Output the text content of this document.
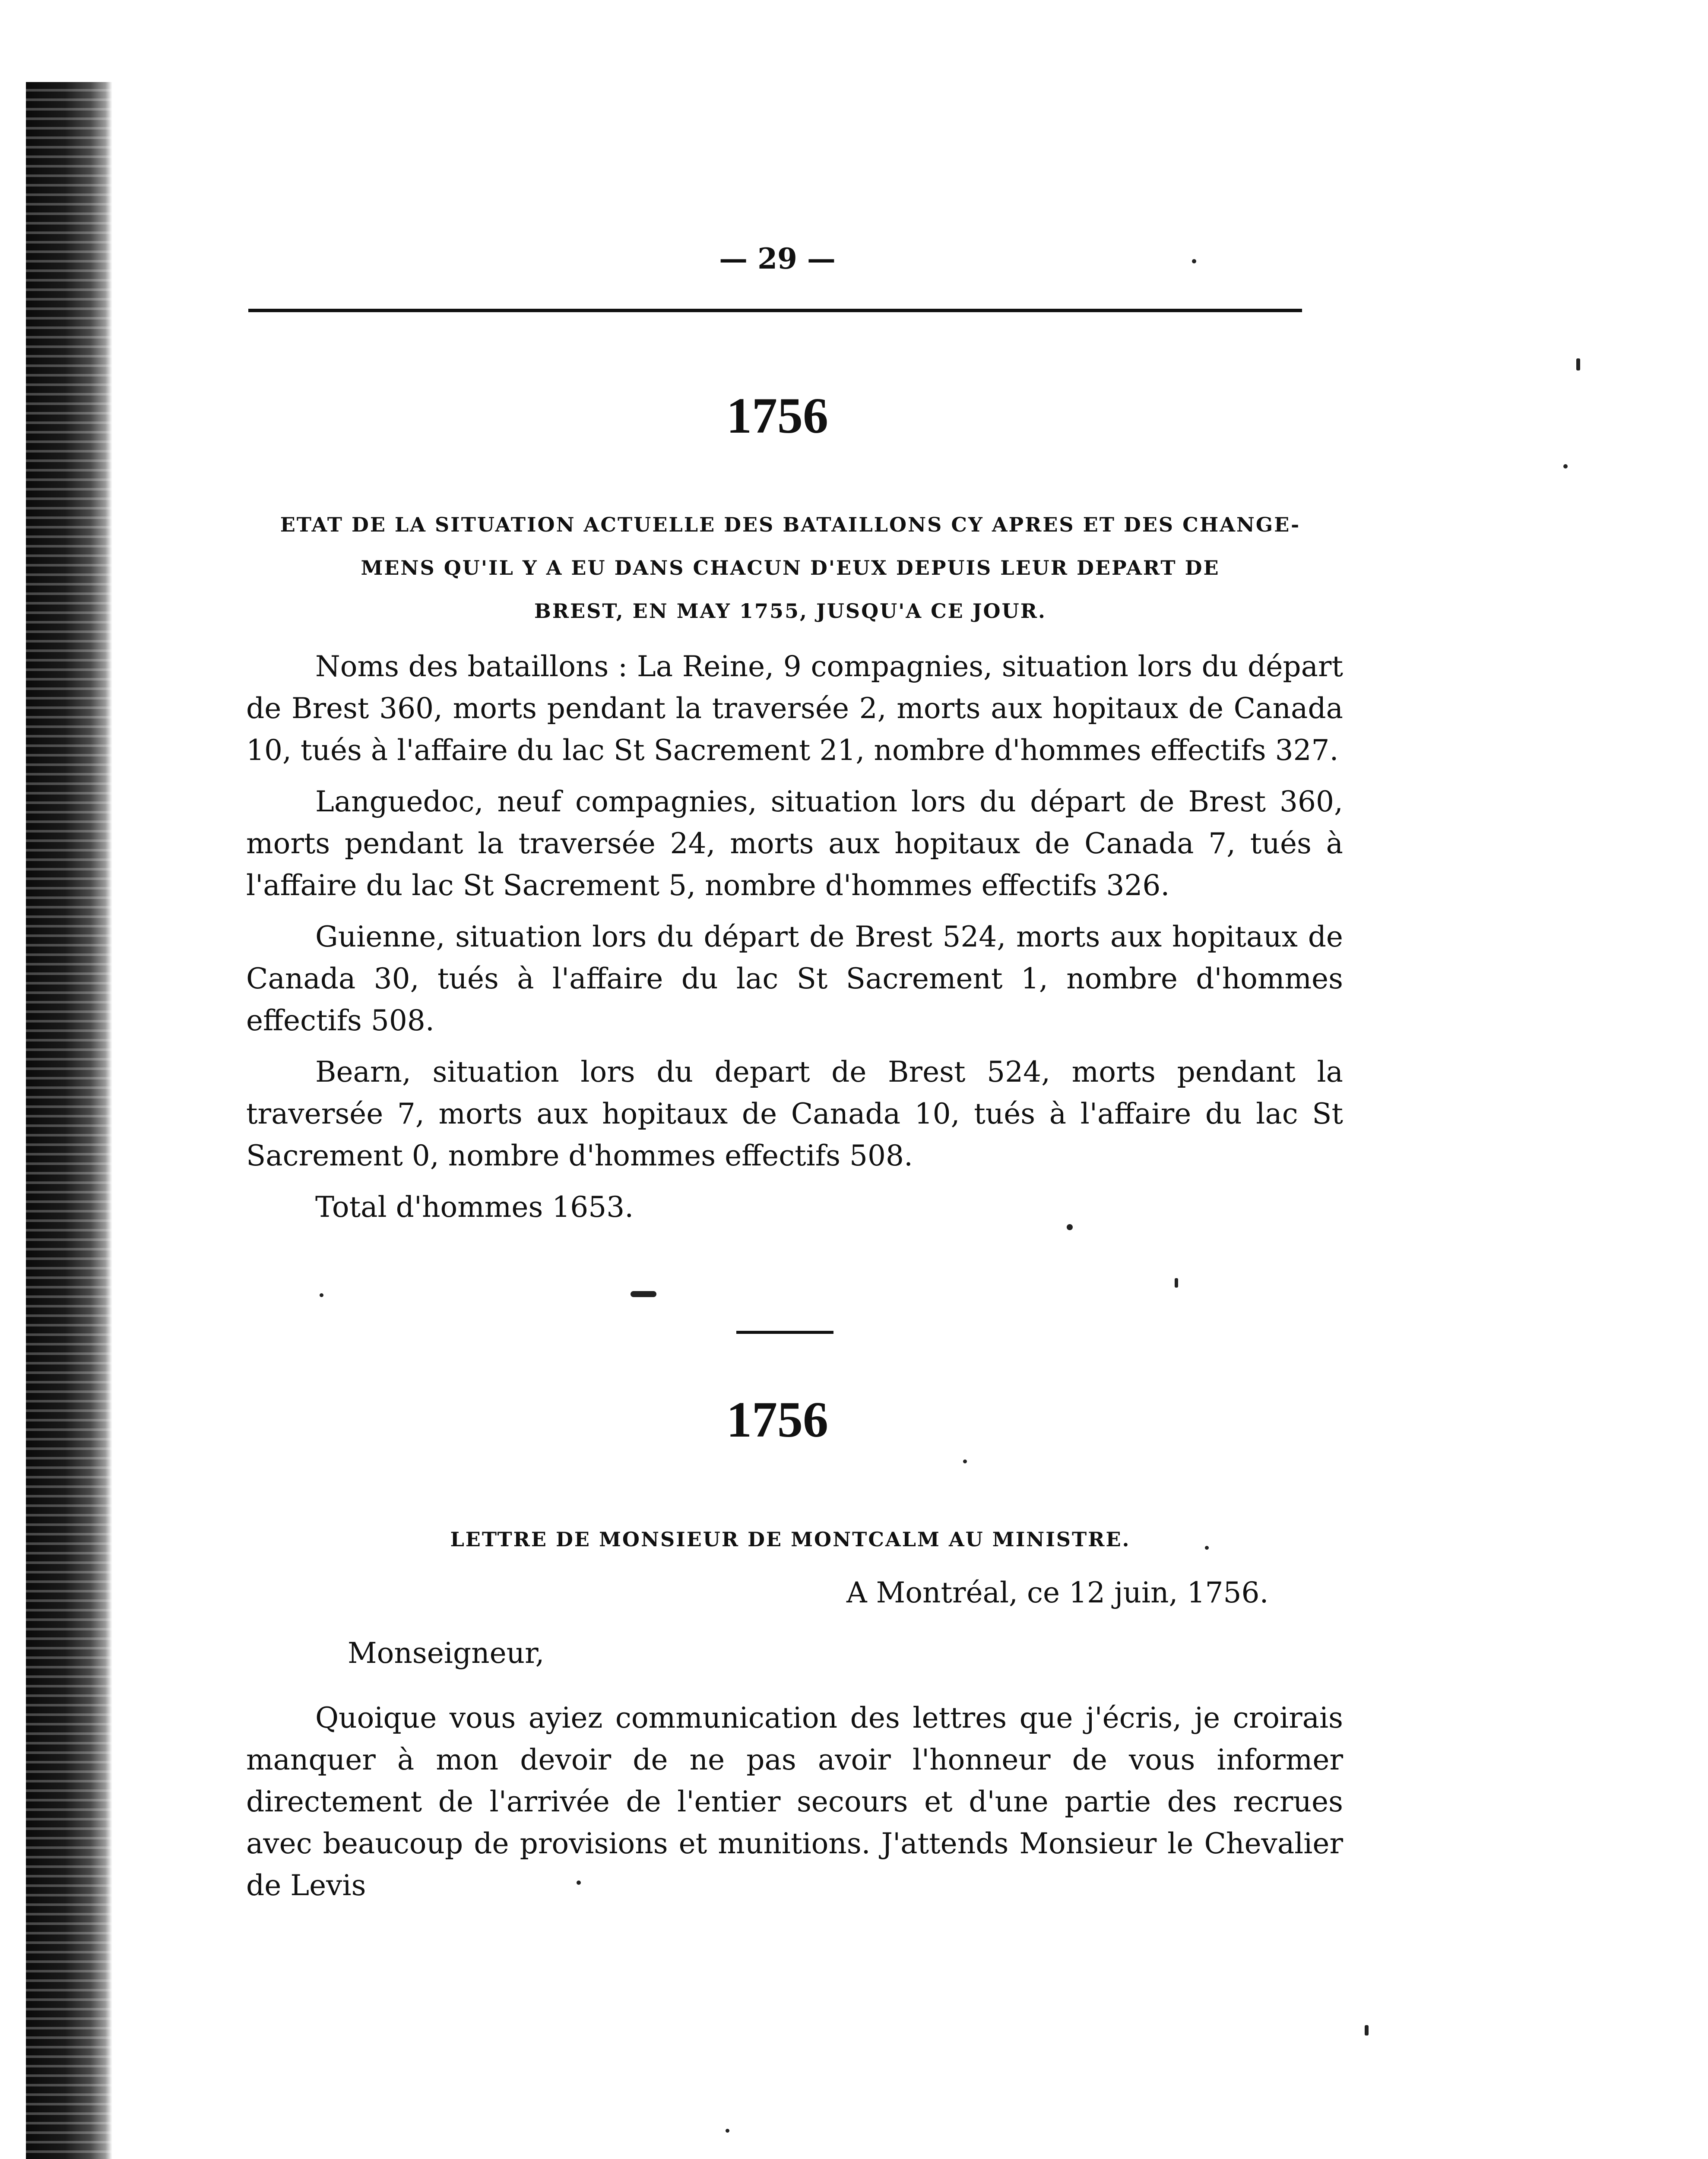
— 29 —
1756
ETAT DE LA SITUATION ACTUELLE DES BATAILLONS CY APRES ET DES CHANGE-
MENS QU'IL Y A EU DANS CHACUN D'EUX DEPUIS LEUR DEPART DE
BREST, EN MAY 1755, JUSQU'A CE JOUR.

Noms des bataillons : La Reine, 9 compagnies, situation lors du départ de Brest 360, morts pendant la traversée 2, morts aux hopitaux de Canada 10, tués à l'affaire du lac St Sacrement 21, nombre d'hommes effectifs 327.

Languedoc, neuf compagnies, situation lors du départ de Brest 360, morts pendant la traversée 24, morts aux hopitaux de Canada 7, tués à l'affaire du lac St Sacrement 5, nombre d'hommes effectifs 326.

Guienne, situation lors du départ de Brest 524, morts aux hopitaux de Canada 30, tués à l'affaire du lac St Sacrement 1, nombre d'hommes effectifs 508.

Bearn, situation lors du depart de Brest 524, morts pendant la traversée 7, morts aux hopitaux de Canada 10, tués à l'affaire du lac St Sacrement 0, nombre d'hommes effectifs 508.

Total d'hommes 1653.

1756
LETTRE DE MONSIEUR DE MONTCALM AU MINISTRE.
A Montréal, ce 12 juin, 1756.
Monseigneur,

Quoique vous ayiez communication des lettres que j'écris, je croirais manquer à mon devoir de ne pas avoir l'honneur de vous informer directement de l'arrivée de l'entier secours et d'une partie des recrues avec beaucoup de provisions et munitions. J'attends Monsieur le Chevalier de Levis
